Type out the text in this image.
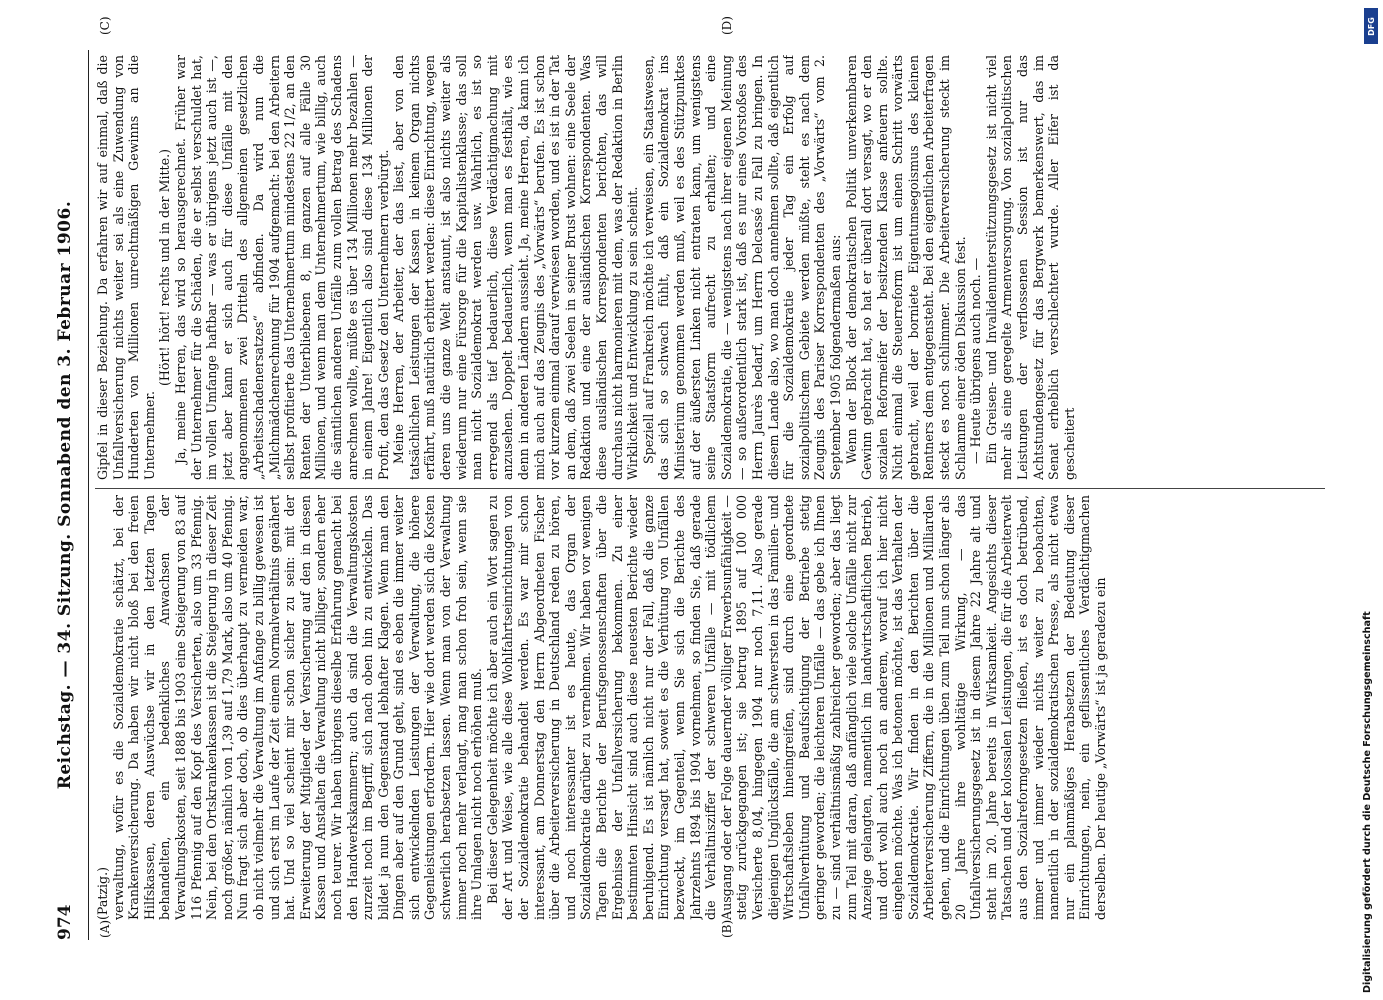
974
Reichstag. — 34. Sitzung. Sonnabend den 3. Februar 1906.
(A)	(B)
(C)	(D)

(Patzig.) verwaltung, wofür es die Sozialdemokratie schätzt, bei der Krankenversicherung. Da haben wir nicht bloß bei den freien Hilfskassen, deren Auswüchse wir in den letzten Tagen behandelten, ein bedenkliches Anwachsen der Verwaltungskosten, seit 1888 bis 1903 eine Steigerung von 83 auf 116 Pfennig auf den Kopf des Versicherten, also um 33 Pfennig. Nein, bei den Ortskrankenkassen ist die Steigerung in dieser Zeit noch größer, nämlich von 1,39 auf 1,79 Mark, also um 40 Pfennig. Nun fragt sich aber doch, ob dies überhaupt zu vermeiden war, ob nicht vielmehr die Verwaltung im Anfange zu billig gewesen ist und sich erst im Laufe der Zeit einem Normalverhältnis genähert hat. Und so viel scheint mir schon sicher zu sein: mit der Erweiterung der Mitglieder der Versicherung auf den in diesen Kassen und Anstalten die Verwaltung nicht billiger, sondern eher noch teurer. Wir haben übrigens dieselbe Erfahrung gemacht bei den Handwerkskammern; auch da sind die Verwaltungskosten zurzeit noch im Begriff, sich nach oben hin zu entwickeln. Das bildet ja nun den Gegenstand lebhafter Klagen. Wenn man den Dingen aber auf den Grund geht, sind es eben die immer weiter sich entwickelnden Leistungen der Verwaltung, die höhere Gegenleistungen erfordern. Hier wie dort werden sich die Kosten schwerlich herabsetzen lassen. Wenn man von der Verwaltung immer noch mehr verlangt, mag man schon froh sein, wenn sie ihre Umlagen nicht noch erhöhen muß. Bei dieser Gelegenheit möchte ich aber auch ein Wort sagen zu der Art und Weise, wie alle diese Wohlfahrtseinrichtungen von der Sozialdemokratie behandelt werden. Es war mir schon interessant, am Donnerstag den Herrn Abgeordneten Fischer über die Arbeiterversicherung in Deutschland reden zu hören, und noch interessanter ist es heute, das Organ der Sozialdemokratie darüber zu vernehmen. Wir haben vor wenigen Tagen die Berichte der Berufsgenossenschaften über die Ergebnisse der Unfallversicherung bekommen. Zu einer bestimmten Hinsicht sind auch diese neuesten Berichte wieder beruhigend. Es ist nämlich nicht nur der Fall, daß die ganze Einrichtung versagt hat, soweit es die Verhütung von Unfällen bezweckt, im Gegenteil, wenn Sie sich die Berichte des Jahrzehnts 1894 bis 1904 vornehmen, so finden Sie, daß gerade die Verhältnisziffer der schweren Unfälle — mit tödlichem Ausgang oder der Folge dauernder völliger Erwerbsunfähigkeit — stetig zurückgegangen ist; sie betrug 1895 auf 100 000 Versicherte 8,04, hingegen 1904 nur noch 7,11. Also gerade diejenigen Unglücksfälle, die am schwersten in das Familien- und Wirtschaftsleben hineingreifen, sind durch eine geordnete Unfallverhütung und Beaufsichtigung der Betriebe stetig geringer geworden; die leichteren Unfälle — das gebe ich Ihnen zu — sind verhältnismäßig zahlreicher geworden; aber das liegt zum Teil mit daran, daß anfänglich viele solche Unfälle nicht zur Anzeige gelangten, namentlich im landwirtschaftlichen Betrieb, und dort wohl auch noch an anderem, worauf ich hier nicht eingehen möchte. Was ich betonen möchte, ist das Verhalten der Sozialdemokratie. Wir finden in den Berichten über die Arbeiterversicherung Ziffern, die in die Millionen und Milliarden gehen, und die Einrichtungen üben zum Teil nun schon länger als 20 Jahre ihre wohltätige Wirkung, — das Unfallversicherungsgesetz ist in diesem Jahre 22 Jahre alt und steht im 20. Jahre bereits in Wirksamkeit. Angesichts dieser Tatsachen und der kolossalen Leistungen, die für die Arbeiterwelt aus den Sozialreformgesetzen fließen, ist es doch betrübend, immer und immer wieder nichts weiter zu beobachten, namentlich in der sozialdemokratischen Presse, als nicht etwa nur ein planmäßiges Herabsetzen der Bedeutung dieser Einrichtungen, nein, ein geflissentliches Verdächtigmachen derselben. Der heutige „Vorwärts“ ist ja geradezu ein

Gipfel in dieser Beziehung. Da erfahren wir auf einmal, daß die Unfallversicherung nichts weiter sei als eine Zuwendung von Hunderten von Millionen unrechtmäßigen Gewinns an die Unternehmer.

(Hört! hört! rechts und in der Mitte.) Ja, meine Herren, das wird so herausgerechnet. Früher war der Unternehmer für die Schäden, die er selbst verschuldet hat, im vollen Umfange haftbar — was er übrigens jetzt auch ist —, jetzt aber kann er sich auch für diese Unfälle mit den angenommenen zwei Dritteln des allgemeinen gesetzlichen „Arbeitsschadenersatzes“ abfinden. Da wird nun die „Milchmädchenrechnung für 1904 aufgemacht: bei den Arbeitern selbst profitierte das Unternehmertum mindestens 22 1/2, an den Renten der Unterbliebenen 8, im ganzen auf alle Fälle 30 Millionen, und wenn man dem Unternehmertum, wie billig, auch die sämtlichen anderen Unfälle zum vollen Betrag des Schadens anrechnen wollte, müßte es über 134 Millionen mehr bezahlen — in einem Jahre! Eigentlich also sind diese 134 Millionen der Profit, den das Gesetz den Unternehmern verbürgt. Meine Herren, der Arbeiter, der das liest, aber von den tatsächlichen Leistungen der Kassen in keinem Organ nichts erfährt, muß natürlich erbittert werden: diese Einrichtung, wegen deren uns die ganze Welt anstaunt, ist also nichts weiter als wiederum nur eine Fürsorge für die Kapitalistenklasse; das soll man nicht Sozialdemokrat werden usw. Wahrlich, es ist so erregend als tief bedauerlich, diese Verdächtigmachung mit anzusehen. Doppelt bedauerlich, wenn man es festhält, wie es denn in anderen Ländern aussieht. Ja, meine Herren, da kann ich mich auch auf das Zeugnis des „Vorwärts“ berufen. Es ist schon vor kurzem einmal darauf verwiesen worden, und es ist in der Tat an dem, daß zwei Seelen in seiner Brust wohnen: eine Seele der Redaktion und eine der ausländischen Korrespondenten. Was diese ausländischen Korrespondenten berichten, das will durchaus nicht harmonieren mit dem, was der Redaktion in Berlin Wirklichkeit und Entwicklung zu sein scheint. Speziell auf Frankreich möchte ich verweisen, ein Staatswesen, das sich so schwach fühlt, daß ein Sozialdemokrat ins Ministerium genommen werden muß, weil es des Stützpunktes auf der äußersten Linken nicht entraten kann, um wenigstens seine Staatsform aufrecht zu erhalten; und eine Sozialdemokratie, die — wenigstens nach ihrer eigenen Meinung — so außerordentlich stark ist, daß es nur eines Vorstoßes des Herrn Jaurès bedarf, um Herrn Delcassé zu Fall zu bringen. In diesem Lande also, wo man doch annehmen sollte, daß eigentlich für die Sozialdemokratie jeder Tag ein Erfolg auf sozialpolitischem Gebiete werden müßte, steht es nach dem Zeugnis des Pariser Korrespondenten des „Vorwärts“ vom 2. September 1905 folgendermaßen aus: Wenn der Block der demokratischen Politik unverkennbaren Gewinn gebracht hat, so hat er überall dort versagt, wo er den sozialen Reformeifer der besitzenden Klasse anfeuern sollte. Nicht einmal die Steuerreform ist um einen Schritt vorwärts gebracht, weil der borniete Eigentumsegoismus des kleinen Rentners dem entgegensteht. Bei den eigentlichen Arbeiterfragen steckt es noch schlimmer. Die Arbeiterversicherung steckt im Schlamme einer öden Diskussion fest. — Heute übrigens auch noch. — Ein Greisen- und Invalidenunterstützungsgesetz ist nicht viel mehr als eine geregelte Armenversorgung. Von sozialpolitischen Leistungen der verflossenen Session ist nur das Achtstundengesetz für das Bergwerk bemerkenswert, das im Senat erheblich verschlechtert wurde. Aller Eifer ist da gescheitert

DFG
Digitalisierung gefördert durch die Deutsche Forschungsgemeinschaft
